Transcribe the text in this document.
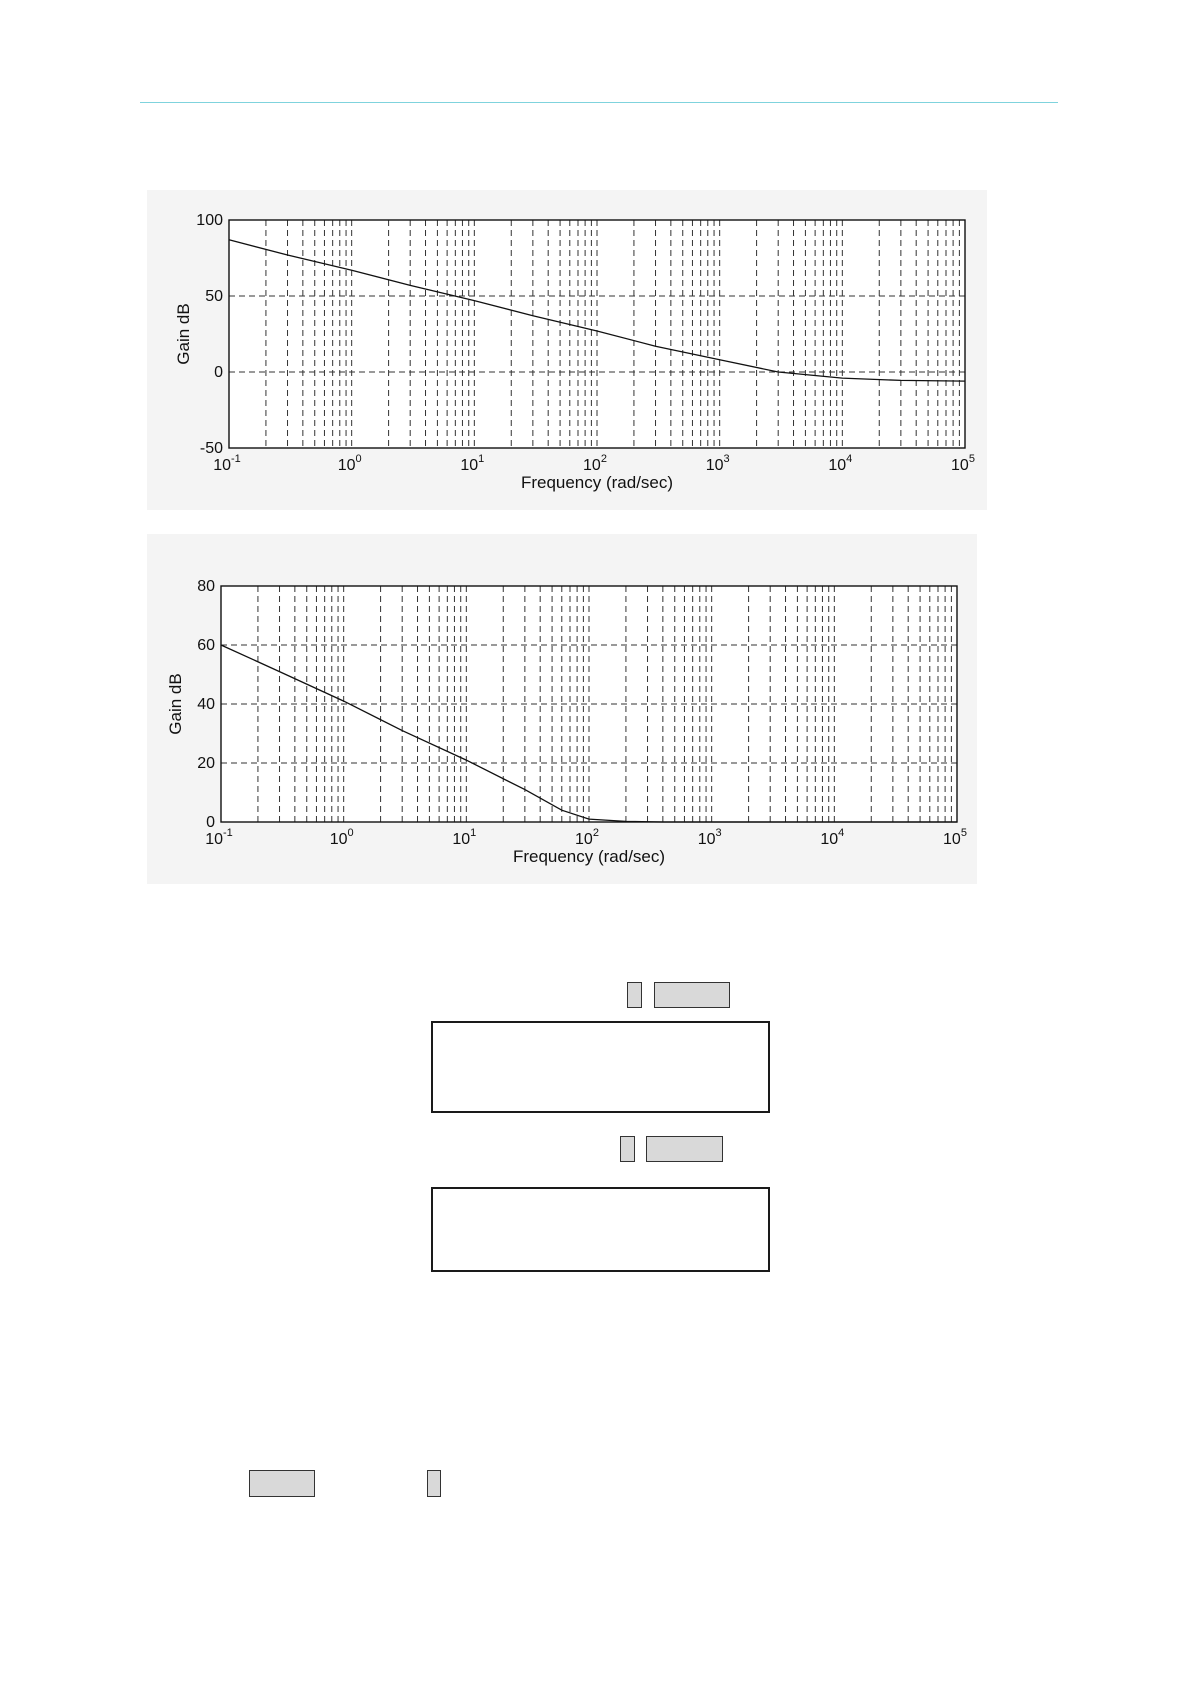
100
50
0
-50
$10^{-1}$	$10^0$	$10^1$	$10^2$	$10^3$	$10^4$	$10^5$
Frequency (rad/sec)
Gain dB
80
60
40
20
0
$10^{-1}$	$10^0$	$10^1$	$10^2$	$10^3$	$10^4$	$10^5$
Frequency (rad/sec)
Gain dB
